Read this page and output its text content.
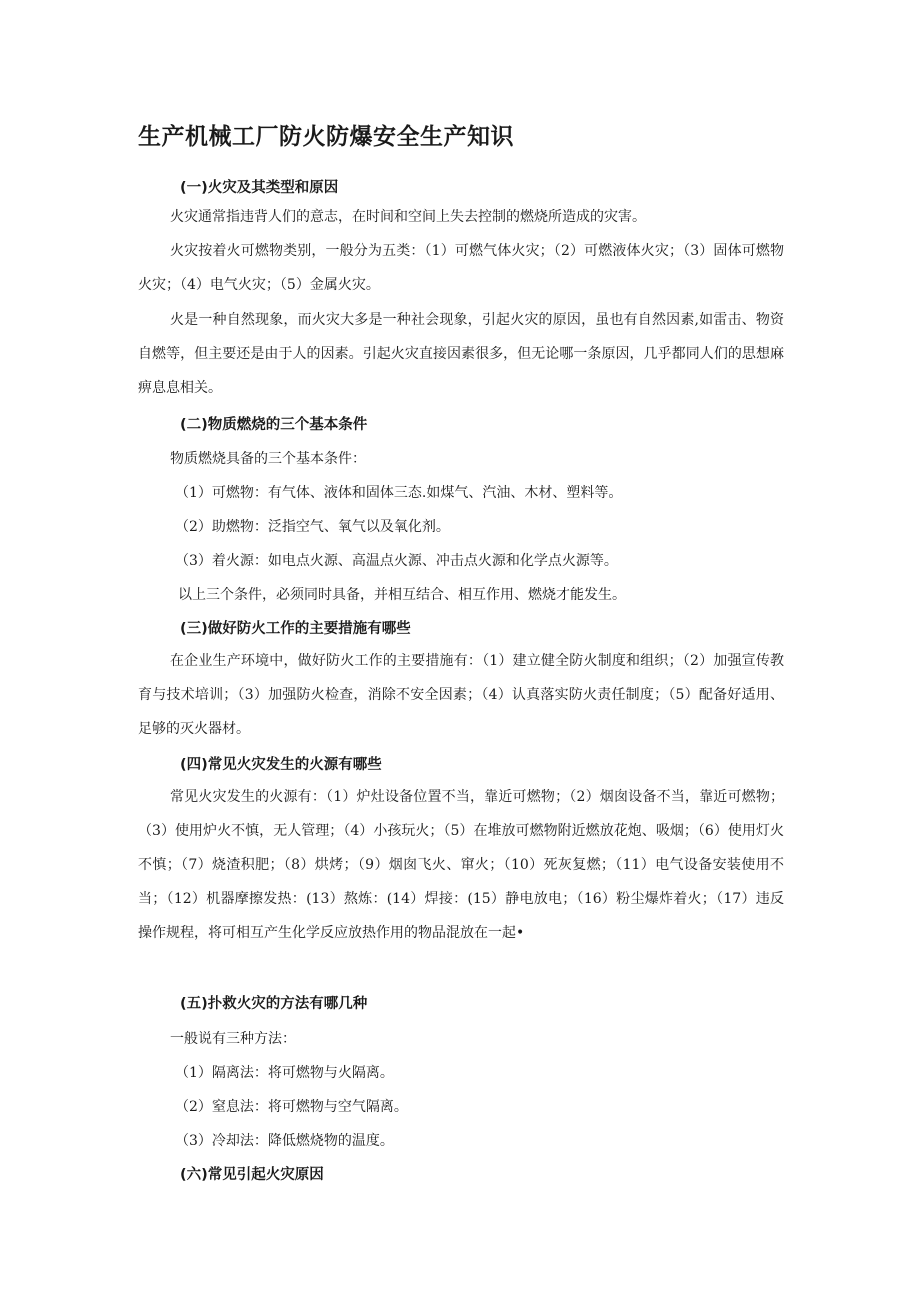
生产机械工厂防火防爆安全生产知识
(一)火灾及其类型和原因

火灾通常指违背人们的意志，在时间和空间上失去控制的燃烧所造成的灾害。

火灾按着火可燃物类别，一般分为五类：（1）可燃气体火灾；（2）可燃液体火灾；（3）固体可燃物火灾；（4）电气火灾；（5）金属火灾。

火是一种自然现象，而火灾大多是一种社会现象，引起火灾的原因，虽也有自然因素,如雷击、物资自燃等，但主要还是由于人的因素。引起火灾直接因素很多，但无论哪一条原因，几乎都同人们的思想麻痹息息相关。

(二)物质燃烧的三个基本条件
物质燃烧具备的三个基本条件：
（1）可燃物：有气体、液体和固体三态.如煤气、汽油、木材、塑料等。
（2）助燃物：泛指空气、氧气以及氧化剂。
（3）着火源：如电点火源、高温点火源、冲击点火源和化学点火源等。
以上三个条件，必须同时具备，并相互结合、相互作用、燃烧才能发生。
(三)做好防火工作的主要措施有哪些

在企业生产环境中，做好防火工作的主要措施有：（1）建立健全防火制度和组织；（2）加强宣传教育与技术培训；（3）加强防火检查，消除不安全因素；（4）认真落实防火责任制度；（5）配备好适用、足够的灭火器材。

(四)常见火灾发生的火源有哪些

常见火灾发生的火源有：（1）炉灶设备位置不当，靠近可燃物；（2）烟囱设备不当，靠近可燃物；（3）使用炉火不慎，无人管理；（4）小孩玩火；（5）在堆放可燃物附近燃放花炮、吸烟；（6）使用灯火不慎；（7）烧渣积肥；（8）烘烤；（9）烟囱飞火、窜火；（10）死灰复燃；（11）电气设备安装使用不当；（12）机器摩擦发热：(13）熬炼：(14）焊接：(15）静电放电；（16）粉尘爆炸着火；（17）违反操作规程，将可相互产生化学反应放热作用的物品混放在一起•

(五)扑救火灾的方法有哪几种
一般说有三种方法：
（1）隔离法：将可燃物与火隔离。
（2）窒息法：将可燃物与空气隔离。
（3）冷却法：降低燃烧物的温度。
(六)常见引起火灾原因
